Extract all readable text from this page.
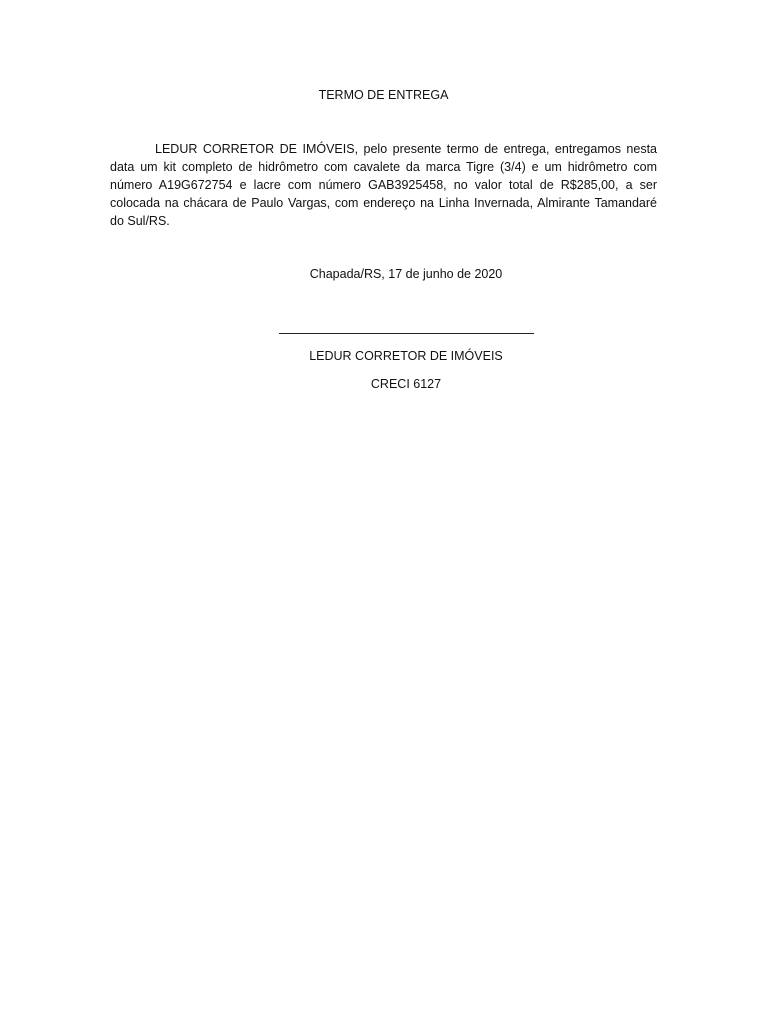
TERMO DE ENTREGA

LEDUR CORRETOR DE IMÓVEIS, pelo presente termo de entrega, entregamos nesta data um kit completo de hidrômetro com cavalete da marca Tigre (3/4) e um hidrômetro com número A19G672754 e lacre com número GAB3925458, no valor total de R$285,00, a ser colocada na chácara de Paulo Vargas, com endereço na Linha Invernada, Almirante Tamandaré do Sul/RS.

Chapada/RS, 17 de junho de 2020
LEDUR CORRETOR DE IMÓVEIS
CRECI 6127
